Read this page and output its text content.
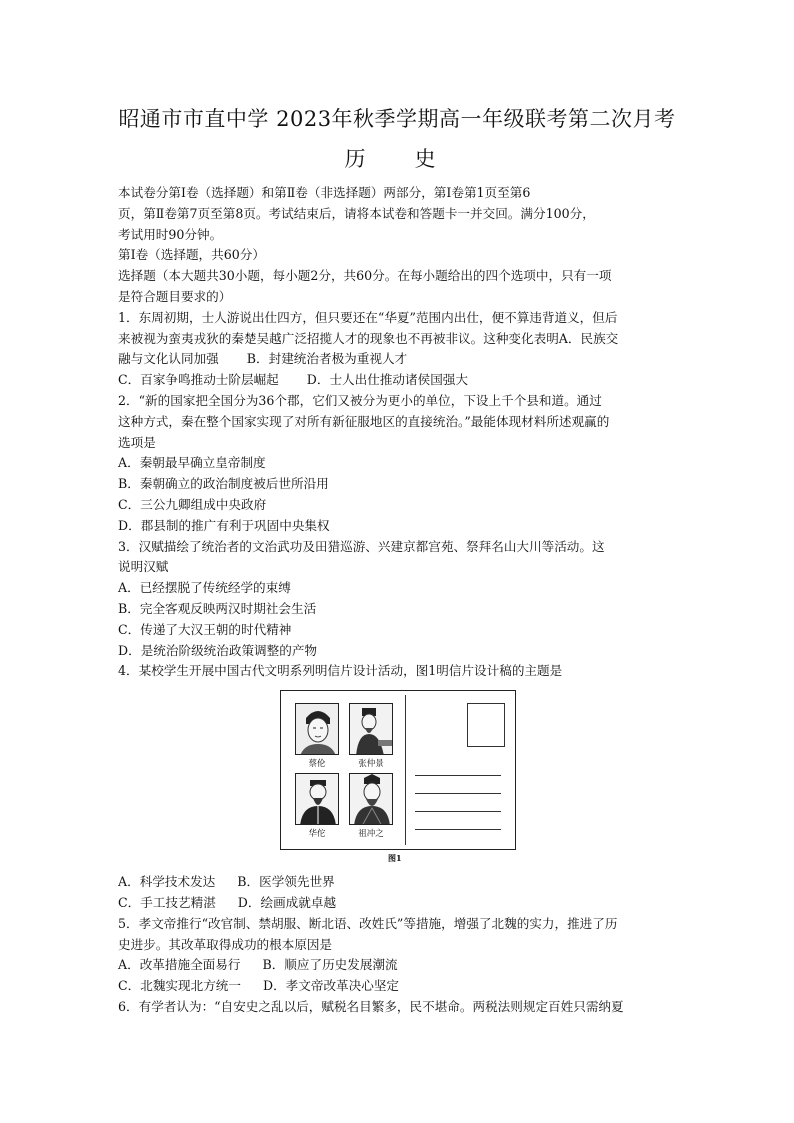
昭通市市直中学 2023年秋季学期高一年级联考第二次月考
历　史

本试卷分第Ⅰ卷（选择题）和第Ⅱ卷（非选择题）两部分，第Ⅰ卷第1页至第6

页，第Ⅱ卷第7页至第8页。考试结束后，请将本试卷和答题卡一并交回。满分100分，

考试用时90分钟。

第Ⅰ卷（选择题，共60分）

选择题（本大题共30小题，每小题2分，共60分。在每小题给出的四个选项中，只有一项

是符合题目要求的）

1．东周初期，士人游说出仕四方，但只要还在“华夏”范围内出仕，便不算违背道义，但后

来被视为蛮夷戎狄的秦楚吴越广泛招揽人才的现象也不再被非议。这种变化表明A．民族交

融与文化认同加强 B．封建统治者极为重视人才

C．百家争鸣推动士阶层崛起 D．士人出仕推动诸侯国强大

2．“新的国家把全国分为36个郡，它们又被分为更小的单位，下设上千个县和道。通过

这种方式，秦在整个国家实现了对所有新征服地区的直接统治。”最能体现材料所述观赢的

选项是

A．秦朝最早确立皇帝制度

B．秦朝确立的政治制度被后世所沿用

C．三公九卿组成中央政府

D．郡县制的推广有利于巩固中央集权

3．汉赋描绘了统治者的文治武功及田猎巡游、兴建京都宫苑、祭拜名山大川等活动。这

说明汉赋

A．已经摆脱了传统经学的束缚

B．完全客观反映两汉时期社会生活

C．传递了大汉王朝的时代精神

D．是统治阶级统治政策调整的产物

4．某校学生开展中国古代文明系列明信片设计活动，图1明信片设计稿的主题是

蔡伦	张仲景
华佗	祖冲之
图1

A．科学技术发达 B．医学领先世界

C．手工技艺精湛 D．绘画成就卓越

5．孝文帝推行“改官制、禁胡服、断北语、改姓氏”等措施，增强了北魏的实力，推进了历

史进步。其改革取得成功的根本原因是

A．改革措施全面易行 B．顺应了历史发展潮流

C．北魏实现北方统一 D．孝文帝改革决心坚定

6．有学者认为：“自安史之乱以后，赋税名目繁多，民不堪命。两税法则规定百姓只需纳夏
